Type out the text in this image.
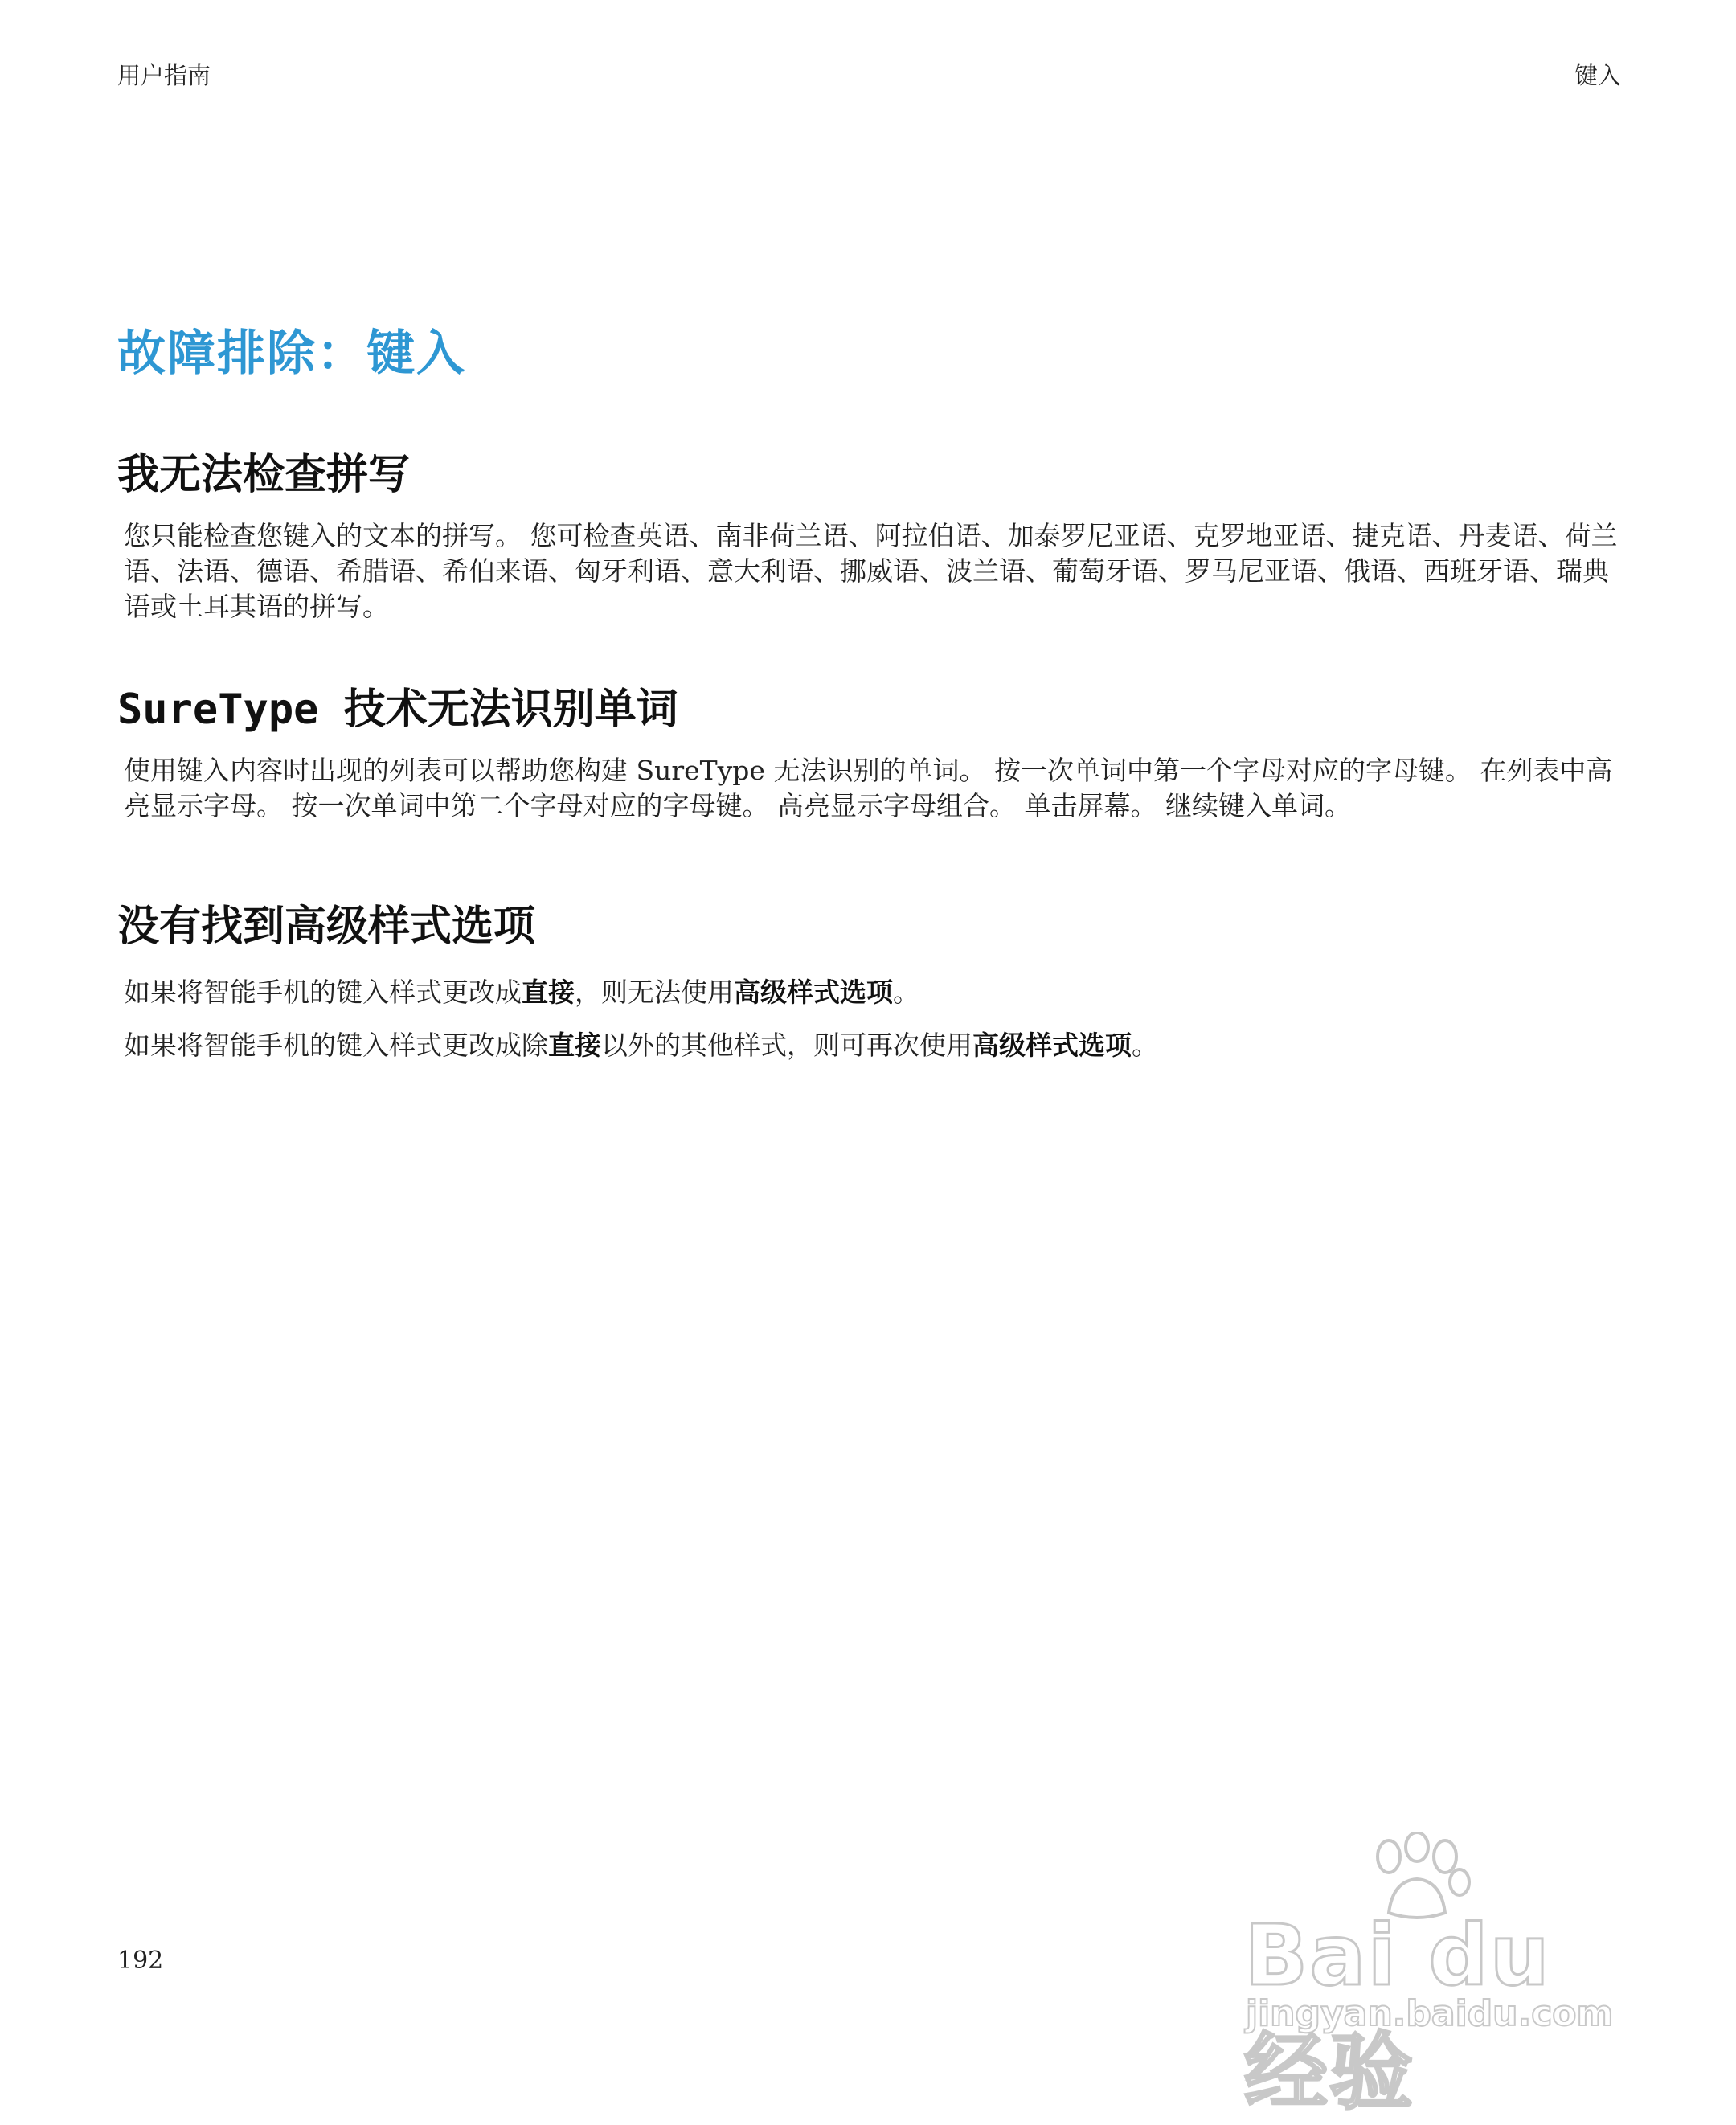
用户指南	键入
故障排除：键入
我无法检查拼写

您只能检查您键入的文本的拼写。 您可检查英语、南非荷兰语、阿拉伯语、加泰罗尼亚语、克罗地亚语、捷克语、丹麦语、荷兰语、法语、德语、希腊语、希伯来语、匈牙利语、意大利语、挪威语、波兰语、葡萄牙语、罗马尼亚语、俄语、西班牙语、瑞典语或土耳其语的拼写。

SureType 技术无法识别单词

使用键入内容时出现的列表可以帮助您构建 SureType 无法识别的单词。 按一次单词中第一个字母对应的字母键。 在列表中高亮显示字母。 按一次单词中第二个字母对应的字母键。 高亮显示字母组合。 单击屏幕。 继续键入单词。

没有找到高级样式选项

如果将智能手机的键入样式更改成直接，则无法使用高级样式选项。

如果将智能手机的键入样式更改成除直接以外的其他样式，则可再次使用高级样式选项。

192	Bai du 经验
jingyan.baidu.com
